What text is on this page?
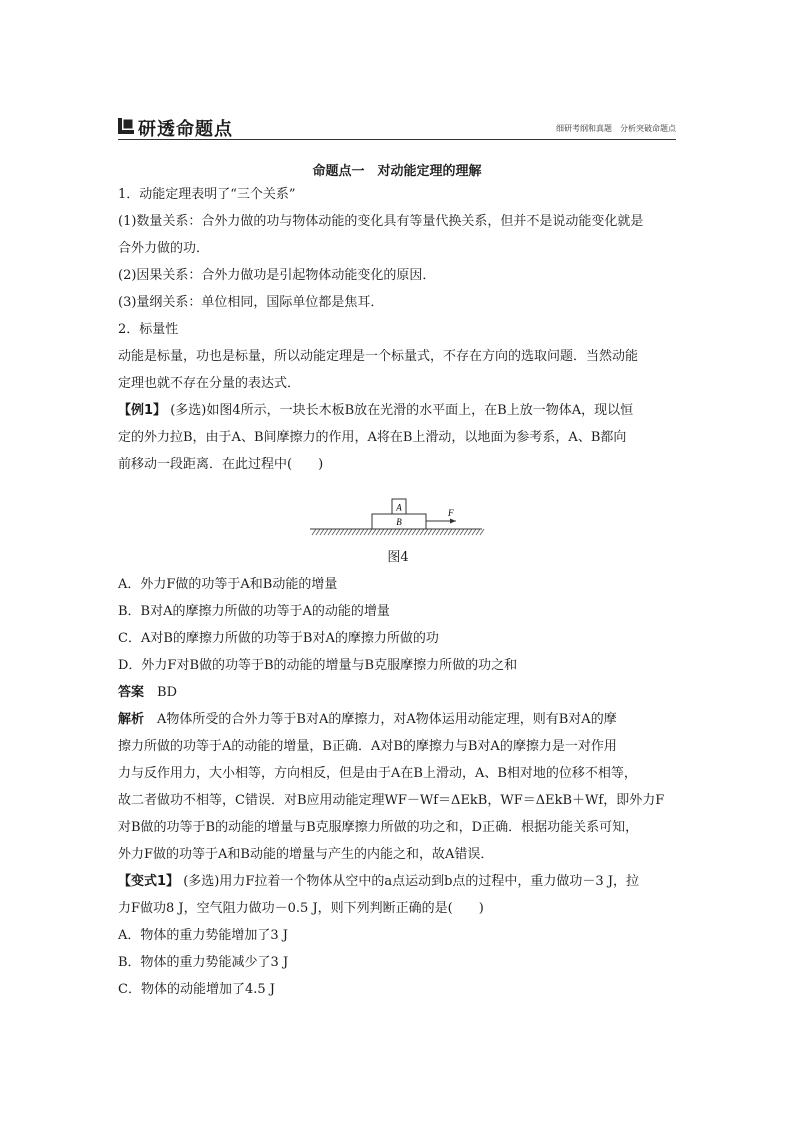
研透命题点	细研考纲和真题　分析突破命题点
命题点一　对动能定理的理解

1．动能定理表明了“三个关系”

(1)数量关系：合外力做的功与物体动能的变化具有等量代换关系，但并不是说动能变化就是

合外力做的功．

(2)因果关系：合外力做功是引起物体动能变化的原因．

(3)量纲关系：单位相同，国际单位都是焦耳．

2．标量性

动能是标量，功也是标量，所以动能定理是一个标量式，不存在方向的选取问题．当然动能

定理也就不存在分量的表达式．

【例1】 (多选)如图4所示，一块长木板B放在光滑的水平面上，在B上放一物体A，现以恒

定的外力拉B，由于A、B间摩擦力的作用，A将在B上滑动，以地面为参考系，A、B都向

前移动一段距离．在此过程中(　　)

A
B
F

图4

A．外力F做的功等于A和B动能的增量

B．B对A的摩擦力所做的功等于A的动能的增量

C．A对B的摩擦力所做的功等于B对A的摩擦力所做的功

D．外力F对B做的功等于B的动能的增量与B克服摩擦力所做的功之和

答案　 BD

解析　 A物体所受的合外力等于B对A的摩擦力，对A物体运用动能定理，则有B对A的摩

擦力所做的功等于A的动能的增量，B正确．A对B的摩擦力与B对A的摩擦力是一对作用

力与反作用力，大小相等，方向相反，但是由于A在B上滑动，A、B相对地的位移不相等，

故二者做功不相等，C错误．对B应用动能定理WF－Wf＝ΔEkB，WF＝ΔEkB＋Wf，即外力F

对B做的功等于B的动能的增量与B克服摩擦力所做的功之和，D正确．根据功能关系可知，

外力F做的功等于A和B动能的增量与产生的内能之和，故A错误．

【变式1】 (多选)用力F拉着一个物体从空中的a点运动到b点的过程中，重力做功－3 J，拉

力F做功8 J，空气阻力做功－0.5 J，则下列判断正确的是(　　)

A．物体的重力势能增加了3 J

B．物体的重力势能减少了3 J

C．物体的动能增加了4.5 J
